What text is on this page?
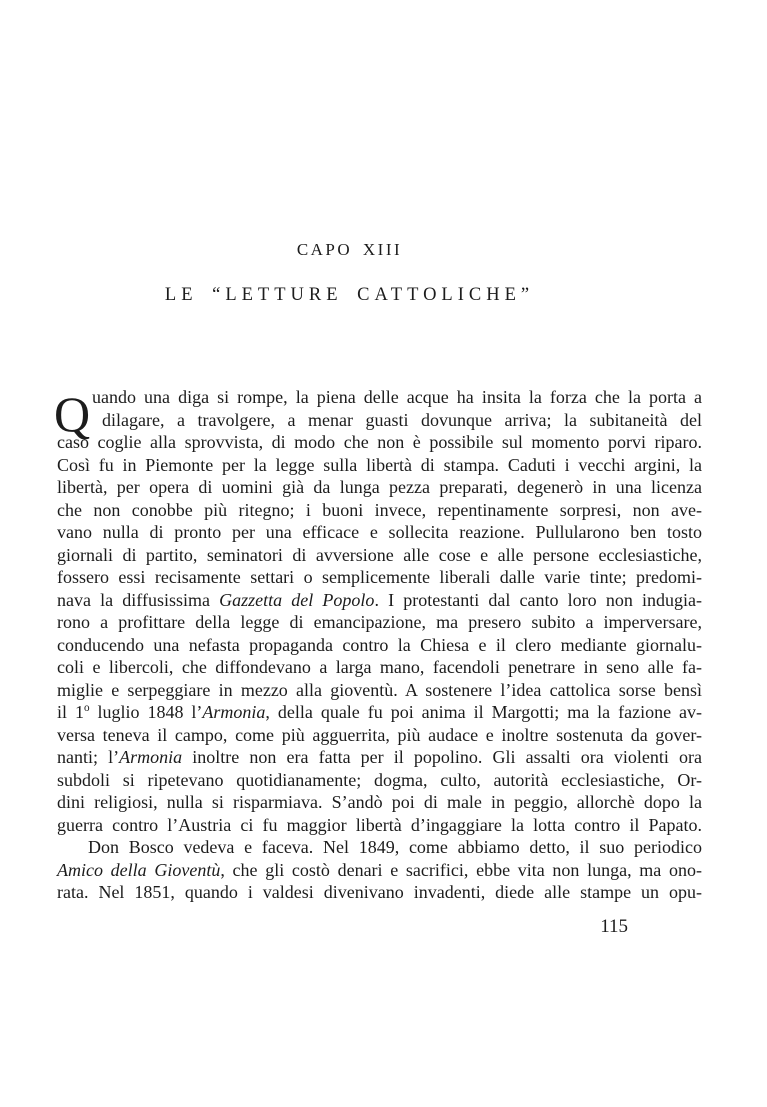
CAPO XIII
LE “LETTURE CATTOLICHE”
Q uando una diga si rompe, la piena delle acque ha insita la forza che la porta a
dilagare, a travolgere, a menar guasti dovunque arriva; la subitaneità del
caso coglie alla sprovvista, di modo che non è possibile sul momento porvi riparo.
Così fu in Piemonte per la legge sulla libertà di stampa. Caduti i vecchi argini, la
libertà, per opera di uomini già da lunga pezza preparati, degenerò in una licenza
che non conobbe più ritegno; i buoni invece, repentinamente sorpresi, non ave-
vano nulla di pronto per una efficace e sollecita reazione. Pullularono ben tosto
giornali di partito, seminatori di avversione alle cose e alle persone ecclesiastiche,
fossero essi recisamente settari o semplicemente liberali dalle varie tinte; predomi-
nava la diffusissima Gazzetta del Popolo. I protestanti dal canto loro non indugia-
rono a profittare della legge di emancipazione, ma presero subito a imperversare,
conducendo una nefasta propaganda contro la Chiesa e il clero mediante giornalu-
coli e libercoli, che diffondevano a larga mano, facendoli penetrare in seno alle fa-
miglie e serpeggiare in mezzo alla gioventù. A sostenere l’idea cattolica sorse bensì
il 1$^o$ luglio 1848 l’Armonia, della quale fu poi anima il Margotti; ma la fazione av-
versa teneva il campo, come più agguerrita, più audace e inoltre sostenuta da gover-
nanti; l’Armonia inoltre non era fatta per il popolino. Gli assalti ora violenti ora
subdoli si ripetevano quotidianamente; dogma, culto, autorità ecclesiastiche, Or-
dini religiosi, nulla si risparmiava. S’andò poi di male in peggio, allorchè dopo la
guerra contro l’Austria ci fu maggior libertà d’ingaggiare la lotta contro il Papato.
Don Bosco vedeva e faceva. Nel 1849, come abbiamo detto, il suo periodico
Amico della Gioventù, che gli costò denari e sacrifici, ebbe vita non lunga, ma ono-
rata. Nel 1851, quando i valdesi divenivano invadenti, diede alle stampe un opu-
115
